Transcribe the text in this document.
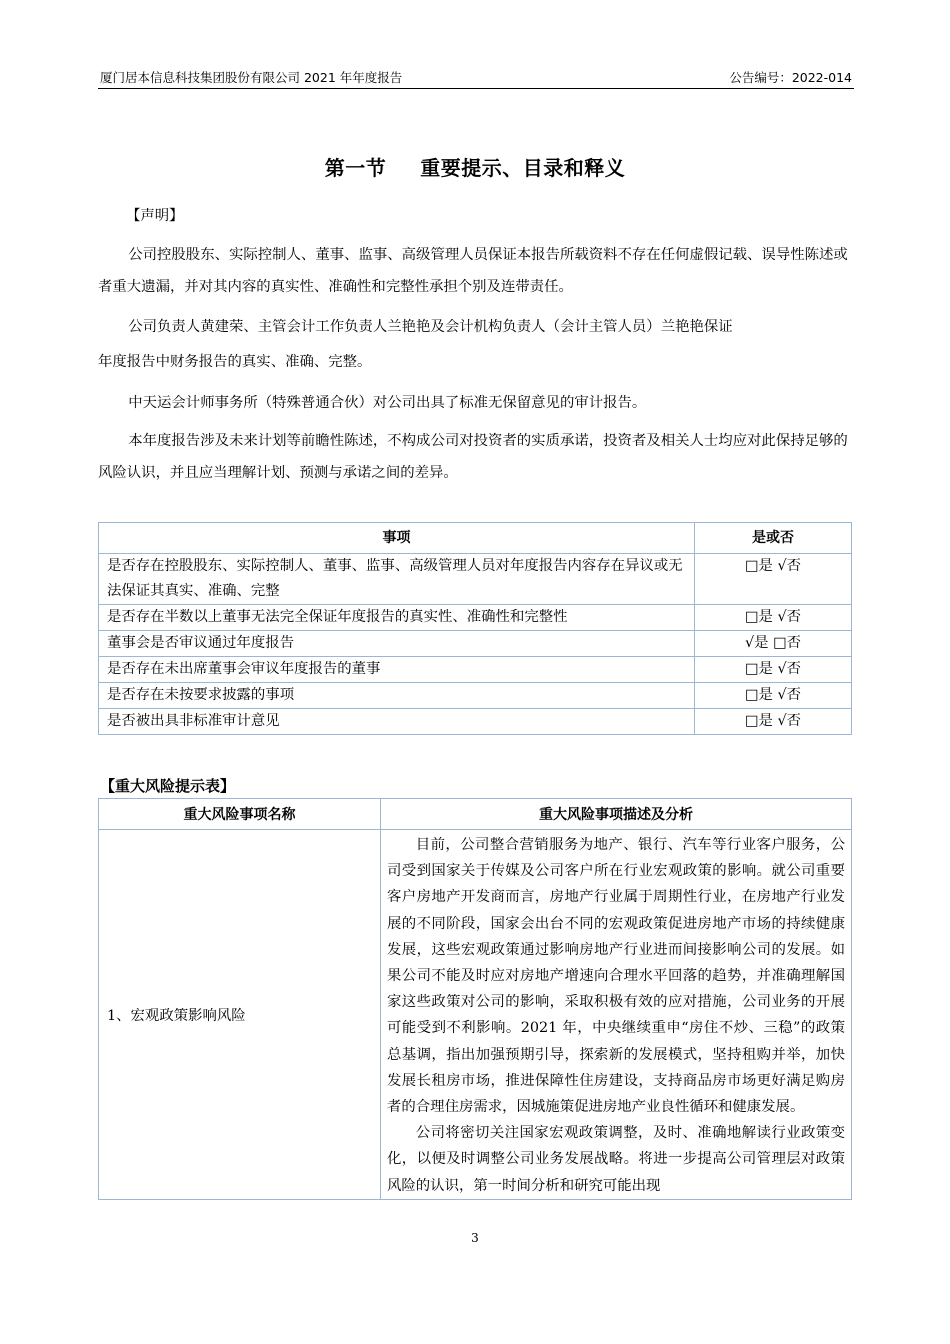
厦门居本信息科技集团股份有限公司 2021 年年度报告	公告编号：2022-014
第一节 重要提示、目录和释义
【声明】
公司控股股东、实际控制人、董事、监事、高级管理人员保证本报告所载资料不存在任何虚假记载、误导性陈述或者重大遗漏，并对其内容的真实性、准确性和完整性承担个别及连带责任。
公司负责人黄建荣、主管会计工作负责人兰艳艳及会计机构负责人（会计主管人员）兰艳艳保证
年度报告中财务报告的真实、准确、完整。
中天运会计师事务所（特殊普通合伙）对公司出具了标准无保留意见的审计报告。
本年度报告涉及未来计划等前瞻性陈述，不构成公司对投资者的实质承诺，投资者及相关人士均应对此保持足够的风险认识，并且应当理解计划、预测与承诺之间的差异。
事项	是或否
是否存在控股股东、实际控制人、董事、监事、高级管理人员对年度报告内容存在异议或无法保证其真实、准确、完整	□是 √否
是否存在半数以上董事无法完全保证年度报告的真实性、准确性和完整性	□是 √否
董事会是否审议通过年度报告	√是 □否
是否存在未出席董事会审议年度报告的董事	□是 √否
是否存在未按要求披露的事项	□是 √否
是否被出具非标准审计意见	□是 √否
【重大风险提示表】
重大风险事项名称	重大风险事项描述及分析
1、宏观政策影响风险	目前，公司整合营销服务为地产、银行、汽车等行业客户服务，公司受到国家关于传媒及公司客户所在行业宏观政策的影响。就公司重要客户房地产开发商而言，房地产行业属于周期性行业，在房地产行业发展的不同阶段，国家会出台不同的宏观政策促进房地产市场的持续健康发展，这些宏观政策通过影响房地产行业进而间接影响公司的发展。如果公司不能及时应对房地产增速向合理水平回落的趋势，并准确理解国家这些政策对公司的影响，采取积极有效的应对措施，公司业务的开展可能受到不利影响。2021 年，中央继续重申“房住不炒、三稳”的政策总基调，指出加强预期引导，探索新的发展模式，坚持租购并举，加快发展长租房市场，推进保障性住房建设，支持商品房市场更好满足购房者的合理住房需求，因城施策促进房地产业良性循环和健康发展。

公司将密切关注国家宏观政策调整，及时、准确地解读行业政策变化，以便及时调整公司业务发展战略。将进一步提高公司管理层对政策风险的认识，第一时间分析和研究可能出现

3
